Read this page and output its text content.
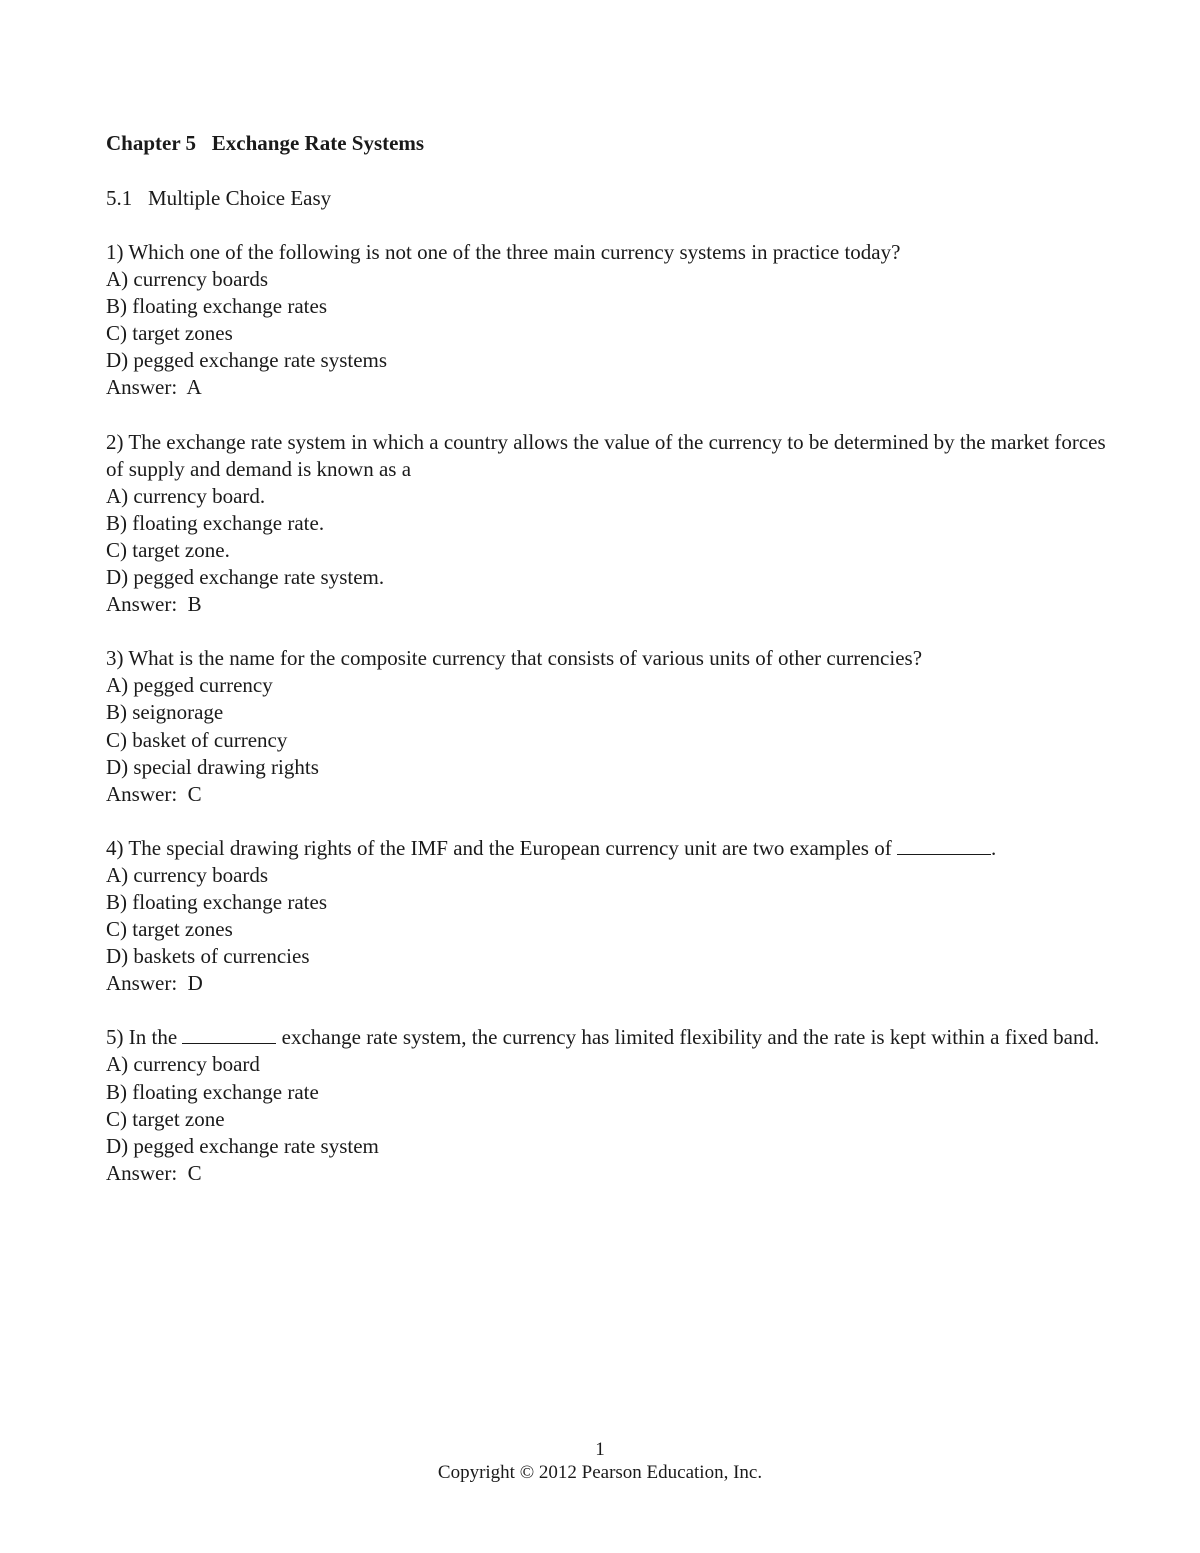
Chapter 5   Exchange Rate Systems
5.1   Multiple Choice Easy

1) Which one of the following is not one of the three main currency systems in practice today?

A) currency boards

B) floating exchange rates

C) target zones

D) pegged exchange rate systems

Answer:  A

2) The exchange rate system in which a country allows the value of the currency to be determined by the market forces of supply and demand is known as a

A) currency board.

B) floating exchange rate.

C) target zone.

D) pegged exchange rate system.

Answer:  B

3) What is the name for the composite currency that consists of various units of other currencies?

A) pegged currency

B) seignorage

C) basket of currency

D) special drawing rights

Answer:  C

4) The special drawing rights of the IMF and the European currency unit are two examples of	.

A) currency boards

B) floating exchange rates

C) target zones

D) baskets of currencies

Answer:  D

5) In the	exchange rate system, the currency has limited flexibility and the rate is kept within a fixed band.

A) currency board

B) floating exchange rate

C) target zone

D) pegged exchange rate system

Answer:  C

1
Copyright © 2012 Pearson Education, Inc.
